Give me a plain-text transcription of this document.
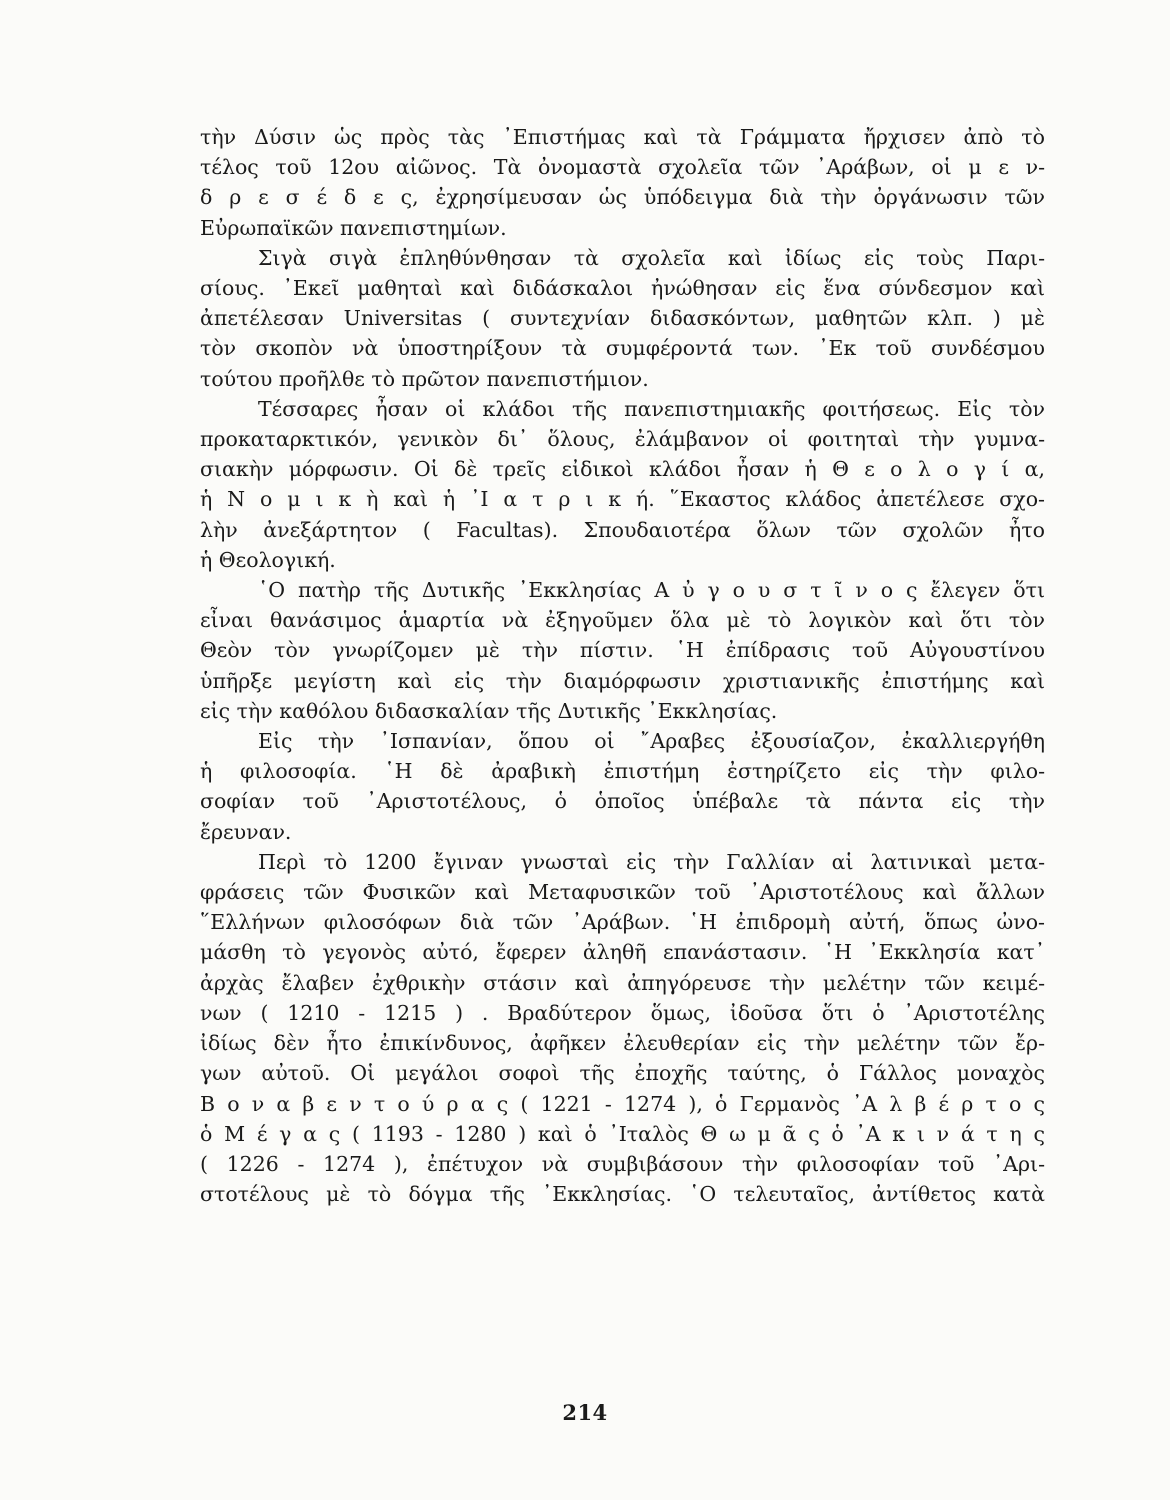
τὴν Δύσιν ὡς πρὸς τὰς ᾿Επιστήμας καὶ τὰ Γράμματα ἤρχισεν ἀπὸ τὸ
τέλος τοῦ 12ου αἰῶνος. Τὰ ὀνομαστὰ σχολεῖα τῶν ᾿Αράβων, οἱ μ ε ν-
δ ρ ε σ έ δ ε ς, ἐχρησίμευσαν ὡς ὑπόδειγμα διὰ τὴν ὀργάνωσιν τῶν
Εὐρωπαϊκῶν πανεπιστημίων.

Σιγὰ σιγὰ ἐπληθύνθησαν τὰ σχολεῖα καὶ ἰδίως εἰς τοὺς Παρι-
σίους. ᾿Εκεῖ μαθηταὶ καὶ διδάσκαλοι ἠνώθησαν εἰς ἕνα σύνδεσμον καὶ
ἀπετέλεσαν Universitas ( συντεχνίαν διδασκόντων, μαθητῶν κλπ. ) μὲ
τὸν σκοπὸν νὰ ὑποστηρίξουν τὰ συμφέροντά των. ᾿Εκ τοῦ συνδέσμου
τούτου προῆλθε τὸ πρῶτον πανεπιστήμιον.

Τέσσαρες ἦσαν οἱ κλάδοι τῆς πανεπιστημιακῆς φοιτήσεως. Εἰς τὸν
προκαταρκτικόν, γενικὸν δι᾿ ὅλους, ἐλάμβανον οἱ φοιτηταὶ τὴν γυμνα-
σιακὴν μόρφωσιν. Οἱ δὲ τρεῖς εἰδικοὶ κλάδοι ἦσαν ἡ Θ ε ο λ ο γ ί α,
ἡ Ν ο μ ι κ ὴ καὶ ἡ ᾿Ι α τ ρ ι κ ή. ῞Εκαστος κλάδος ἀπετέλεσε σχο-
λὴν ἀνεξάρτητον ( Facultas). Σπουδαιοτέρα ὅλων τῶν σχολῶν ἦτο
ἡ Θεολογική.

῾Ο πατὴρ τῆς Δυτικῆς ᾿Εκκλησίας Α ὐ γ ο υ σ τ ῖ ν ο ς ἔλεγεν ὅτι
εἶναι θανάσιμος ἁμαρτία νὰ ἐξηγοῦμεν ὅλα μὲ τὸ λογικὸν καὶ ὅτι τὸν
Θεὸν τὸν γνωρίζομεν μὲ τὴν πίστιν. ῾Η ἐπίδρασις τοῦ Αὐγουστίνου
ὑπῆρξε μεγίστη καὶ εἰς τὴν διαμόρφωσιν χριστιανικῆς ἐπιστήμης καὶ
εἰς τὴν καθόλου διδασκαλίαν τῆς Δυτικῆς ᾿Εκκλησίας.

Εἰς τὴν ᾿Ισπανίαν, ὅπου οἱ ῎Αραβες ἐξουσίαζον, ἐκαλλιεργήθη
ἡ φιλοσοφία. ῾Η δὲ ἀραβικὴ ἐπιστήμη ἐστηρίζετο εἰς τὴν φιλο-
σοφίαν τοῦ ᾿Αριστοτέλους, ὁ ὁποῖος ὑπέβαλε τὰ πάντα εἰς τὴν
ἔρευναν.

Περὶ τὸ 1200 ἔγιναν γνωσταὶ εἰς τὴν Γαλλίαν αἱ λατινικαὶ μετα-
φράσεις τῶν Φυσικῶν καὶ Μεταφυσικῶν τοῦ ᾿Αριστοτέλους καὶ ἄλλων
῞Ελλήνων φιλοσόφων διὰ τῶν ᾿Αράβων. ῾Η ἐπιδρομὴ αὐτή, ὅπως ὠνο-
μάσθη τὸ γεγονὸς αὐτό, ἔφερεν ἀληθῆ επανάστασιν. ῾Η ᾿Εκκλησία κατ᾿
ἀρχὰς ἔλαβεν ἐχθρικὴν στάσιν καὶ ἀπηγόρευσε τὴν μελέτην τῶν κειμέ-
νων ( 1210 - 1215 ) . Βραδύτερον ὅμως, ἰδοῦσα ὅτι ὁ ᾿Αριστοτέλης
ἰδίως δὲν ἦτο ἐπικίνδυνος, ἀφῆκεν ἐλευθερίαν εἰς τὴν μελέτην τῶν ἔρ-
γων αὐτοῦ. Οἱ μεγάλοι σοφοὶ τῆς ἐποχῆς ταύτης, ὁ Γάλλος μοναχὸς
Β ο ν α β ε ν τ ο ύ ρ α ς ( 1221 - 1274 ), ὁ Γερμανὸς ᾿Α λ β έ ρ τ ο ς
ὁ Μ έ γ α ς ( 1193 - 1280 ) καὶ ὁ ᾿Ιταλὸς Θ ω μ ᾶ ς ὁ ᾿Α κ ι ν ά τ η ς
( 1226 - 1274 ), ἐπέτυχον νὰ συμβιβάσουν τὴν φιλοσοφίαν τοῦ ᾿Αρι-
στοτέλους μὲ τὸ δόγμα τῆς ᾿Εκκλησίας. ῾Ο τελευταῖος, ἀντίθετος κατὰ

214
